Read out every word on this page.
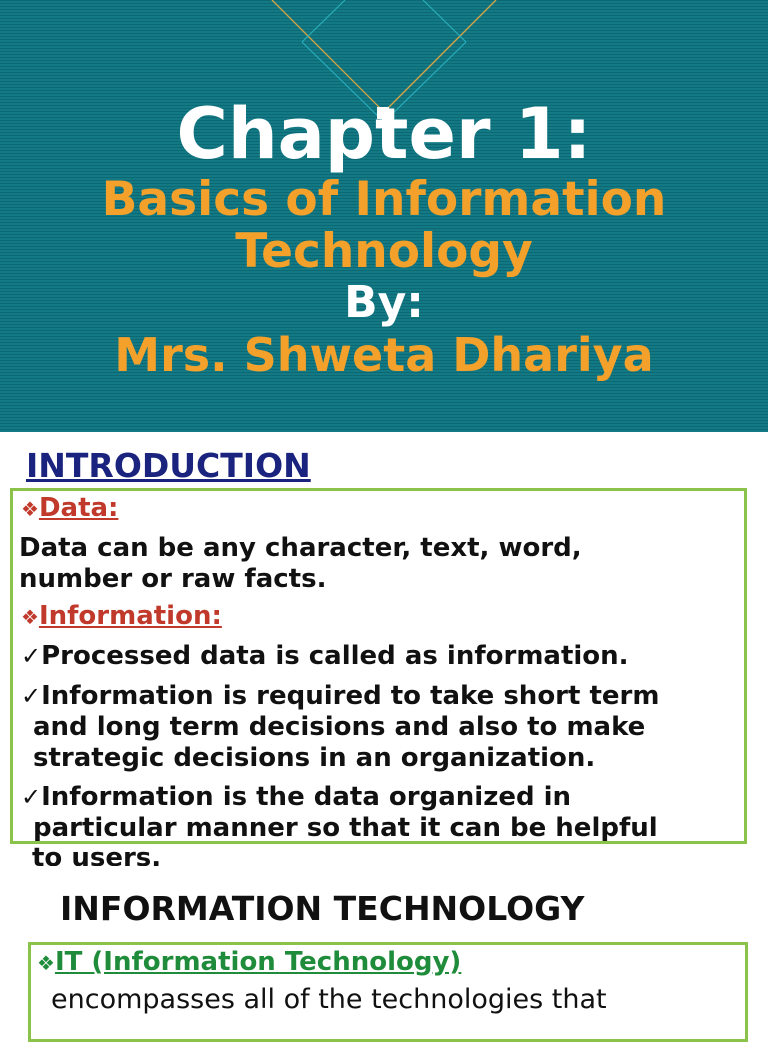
Chapter 1:
Basics of Information
Technology
By:
Mrs. Shweta Dhariya
INTRODUCTION
❖Data:
Data can be any character, text, word,
number or raw facts.
❖Information:
✓Processed data is called as information.
✓Information is required to take short term
and long term decisions and also to make
strategic decisions in an organization.
✓Information is the data organized in
particular manner so that it can be helpful
to users.
INFORMATION TECHNOLOGY
❖IT (Information Technology)
encompasses all of the technologies that
